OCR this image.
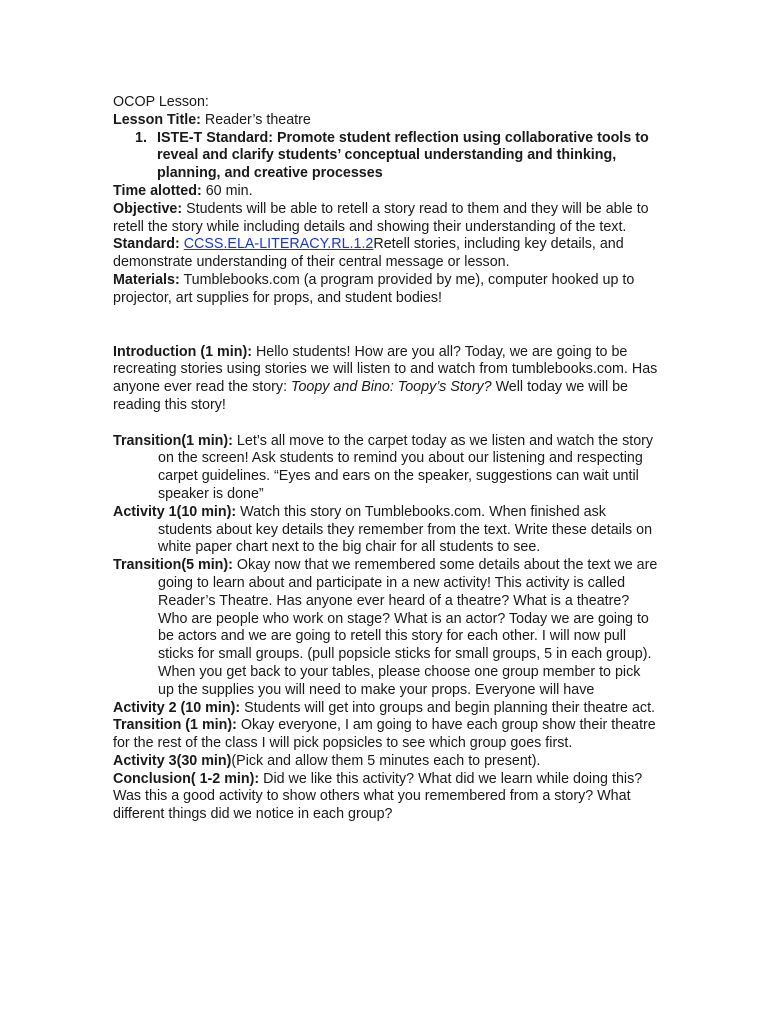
OCOP Lesson:

Lesson Title: Reader’s theatre

1. ISTE-T Standard: Promote student reflection using collaborative tools to reveal and clarify students’ conceptual understanding and thinking, planning, and creative processes

Time alotted: 60 min.

Objective: Students will be able to retell a story read to them and they will be able to retell the story while including details and showing their understanding of the text.

Standard: CCSS.ELA-LITERACY.RL.1.2Retell stories, including key details, and demonstrate understanding of their central message or lesson.

Materials: Tumblebooks.com (a program provided by me), computer hooked up to projector, art supplies for props, and student bodies!

Introduction (1 min): Hello students! How are you all? Today, we are going to be recreating stories using stories we will listen to and watch from tumblebooks.com. Has anyone ever read the story: Toopy and Bino: Toopy’s Story? Well today we will be reading this story!

Transition(1 min): Let’s all move to the carpet today as we listen and watch the story on the screen! Ask students to remind you about our listening and respecting carpet guidelines. “Eyes and ears on the speaker, suggestions can wait until speaker is done”

Activity 1(10 min): Watch this story on Tumblebooks.com. When finished ask students about key details they remember from the text. Write these details on white paper chart next to the big chair for all students to see.

Transition(5 min): Okay now that we remembered some details about the text we are going to learn about and participate in a new activity! This activity is called Reader’s Theatre. Has anyone ever heard of a theatre? What is a theatre? Who are people who work on stage? What is an actor? Today we are going to be actors and we are going to retell this story for each other. I will now pull sticks for small groups. (pull popsicle sticks for small groups, 5 in each group). When you get back to your tables, please choose one group member to pick up the supplies you will need to make your props. Everyone will have

Activity 2 (10 min): Students will get into groups and begin planning their theatre act.

Transition (1 min): Okay everyone, I am going to have each group show their theatre for the rest of the class I will pick popsicles to see which group goes first.

Activity 3(30 min)(Pick and allow them 5 minutes each to present).

Conclusion( 1-2 min): Did we like this activity? What did we learn while doing this? Was this a good activity to show others what you remembered from a story? What different things did we notice in each group?
